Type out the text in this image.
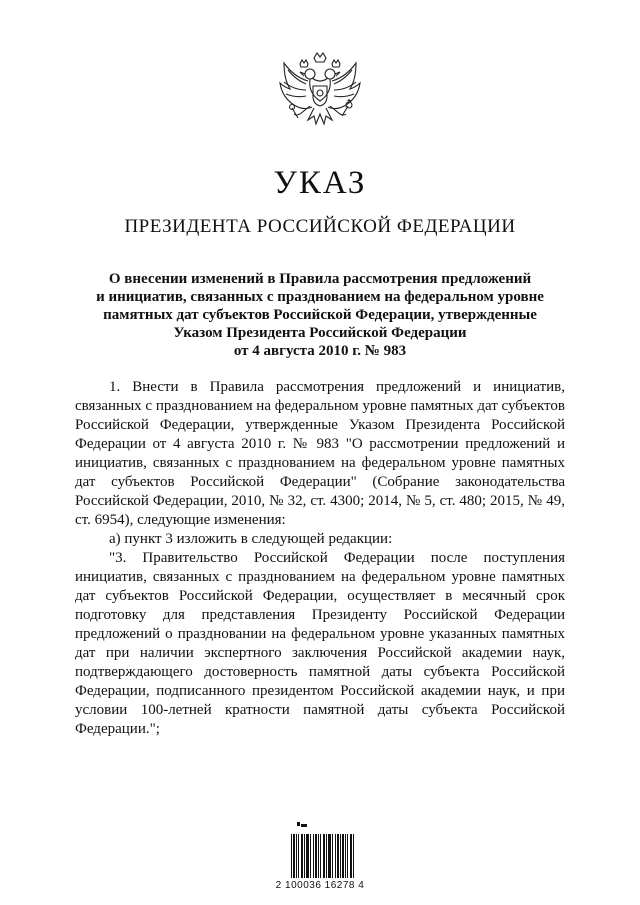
УКАЗ
ПРЕЗИДЕНТА РОССИЙСКОЙ ФЕДЕРАЦИИ
О внесении изменений в Правила рассмотрения предложений
и инициатив, связанных с празднованием на федеральном уровне
памятных дат субъектов Российской Федерации, утвержденные
Указом Президента Российской Федерации
от 4 августа 2010 г. № 983

1. Внести в Правила рассмотрения предложений и инициатив, связанных с празднованием на федеральном уровне памятных дат субъектов Российской Федерации, утвержденные Указом Президента Российской Федерации от 4 августа 2010 г. № 983 "О рассмотрении предложений и инициатив, связанных с празднованием на федеральном уровне памятных дат субъектов Российской Федерации" (Собрание законодательства Российской Федерации, 2010, № 32, ст. 4300; 2014, № 5, ст. 480; 2015, № 49, ст. 6954), следующие изменения:

а) пункт 3 изложить в следующей редакции:

"3. Правительство Российской Федерации после поступления инициатив, связанных с празднованием на федеральном уровне памятных дат субъектов Российской Федерации, осуществляет в месячный срок подготовку для представления Президенту Российской Федерации предложений о праздновании на федеральном уровне указанных памятных дат при наличии экспертного заключения Российской академии наук, подтверждающего достоверность памятной даты субъекта Российской Федерации, подписанного президентом Российской академии наук, и при условии 100-летней кратности памятной даты субъекта Российской Федерации.";

2 100036 16278 4
